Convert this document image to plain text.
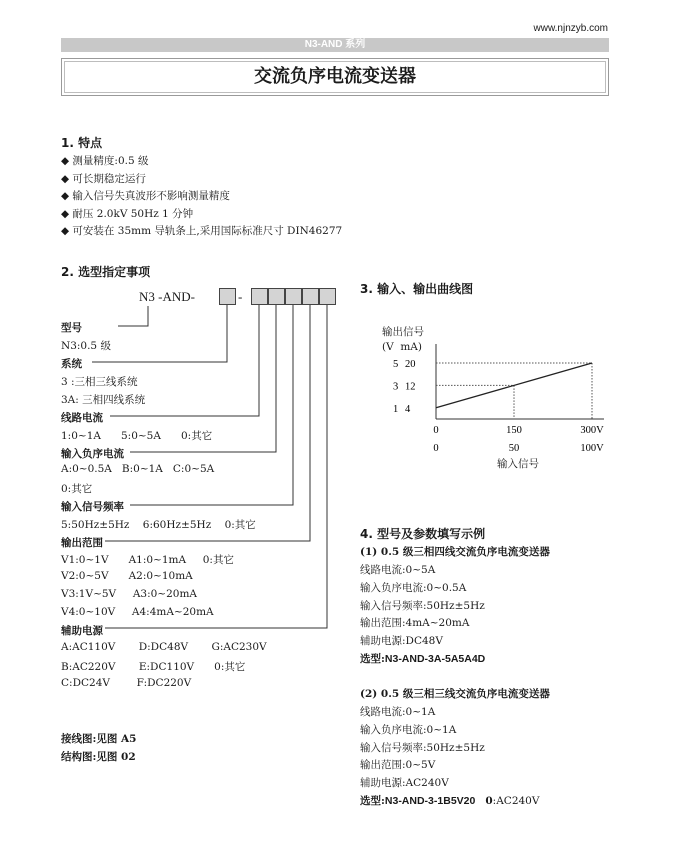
www.njnzyb.com
N3-AND 系列
交流负序电流变送器
1. 特点
◆ 测量精度:0.5 级
◆ 可长期稳定运行
◆ 输入信号失真波形不影响测量精度
◆ 耐压 2.0kV 50Hz 1 分钟
◆ 可安装在 35mm 导轨条上,采用国际标准尺寸 DIN46277
2. 选型指定事项
N3 -AND-	-
型号
N3:0.5 级
系统
3 :三相三线系统
3A: 三相四线系统
线路电流
1:0~1A      5:0~5A      0:其它
输入负序电流
A:0~0.5A   B:0~1A   C:0~5A
0:其它
输入信号频率
5:50Hz±5Hz    6:60Hz±5Hz    0:其它
输出范围
V1:0~1V      A1:0~1mA     0:其它
V2:0~5V      A2:0~10mA
V3:1V~5V     A3:0~20mA
V4:0~10V     A4:4mA~20mA
辅助电源
A:AC110V       D:DC48V       G:AC230V
B:AC220V       E:DC110V      0:其它
C:DC24V        F:DC220V
接线图:见图 A5
结构图:见图 02
3. 输入、输出曲线图
输出信号
(V  mA)
5 20
3 12
1 4
0	150	300V
0	50	100V
输入信号
4. 型号及参数填写示例
(1) 0.5 级三相四线交流负序电流变送器
线路电流:0~5A
输入负序电流:0~0.5A
输入信号频率:50Hz±5Hz
输出范围:4mA~20mA
辅助电源:DC48V
选型:N3-AND-3A-5A5A4D
(2) 0.5 级三相三线交流负序电流变送器
线路电流:0~1A
输入负序电流:0~1A
输入信号频率:50Hz±5Hz
输出范围:0~5V
辅助电源:AC240V
选型:N3-AND-3-1B5V20 0:AC240V
